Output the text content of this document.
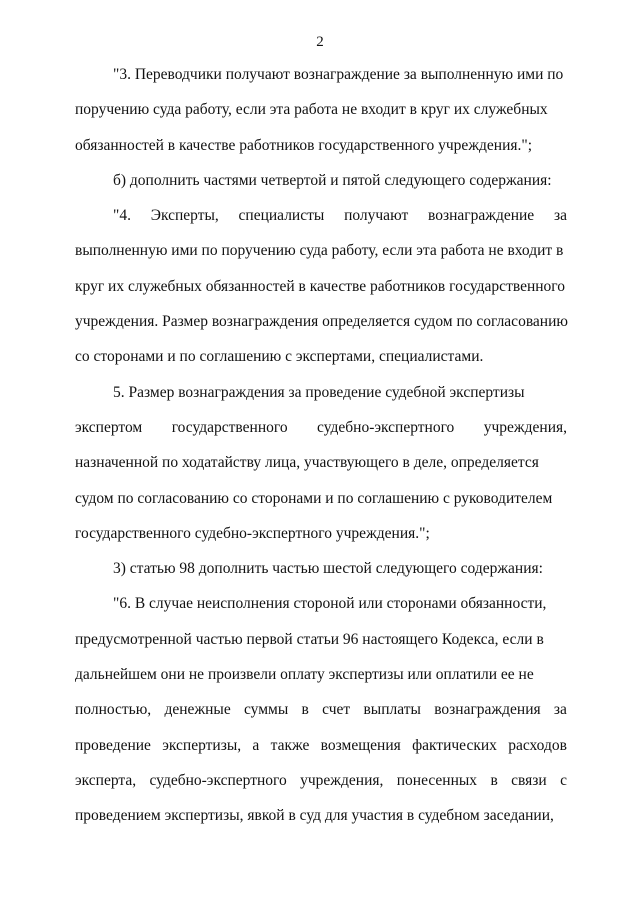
2
"3. Переводчики получают вознаграждение за выполненную ими по
поручению суда работу, если эта работа не входит в круг их служебных
обязанностей в качестве работников государственного учреждения.";
б) дополнить частями четвертой и пятой следующего содержания:
"4. Эксперты, специалисты получают вознаграждение за
выполненную ими по поручению суда работу, если эта работа не входит в
круг их служебных обязанностей в качестве работников государственного
учреждения. Размер вознаграждения определяется судом по согласованию
со сторонами и по соглашению с экспертами, специалистами.
5. Размер вознаграждения за проведение судебной экспертизы
экспертом государственного судебно-экспертного учреждения,
назначенной по ходатайству лица, участвующего в деле, определяется
судом по согласованию со сторонами и по соглашению с руководителем
государственного судебно-экспертного учреждения.";
3) статью 98 дополнить частью шестой следующего содержания:
"6. В случае неисполнения стороной или сторонами обязанности,
предусмотренной частью первой статьи 96 настоящего Кодекса, если в
дальнейшем они не произвели оплату экспертизы или оплатили ее не
полностью, денежные суммы в счет выплаты вознаграждения за
проведение экспертизы, а также возмещения фактических расходов
эксперта, судебно-экспертного учреждения, понесенных в связи с
проведением экспертизы, явкой в суд для участия в судебном заседании,
